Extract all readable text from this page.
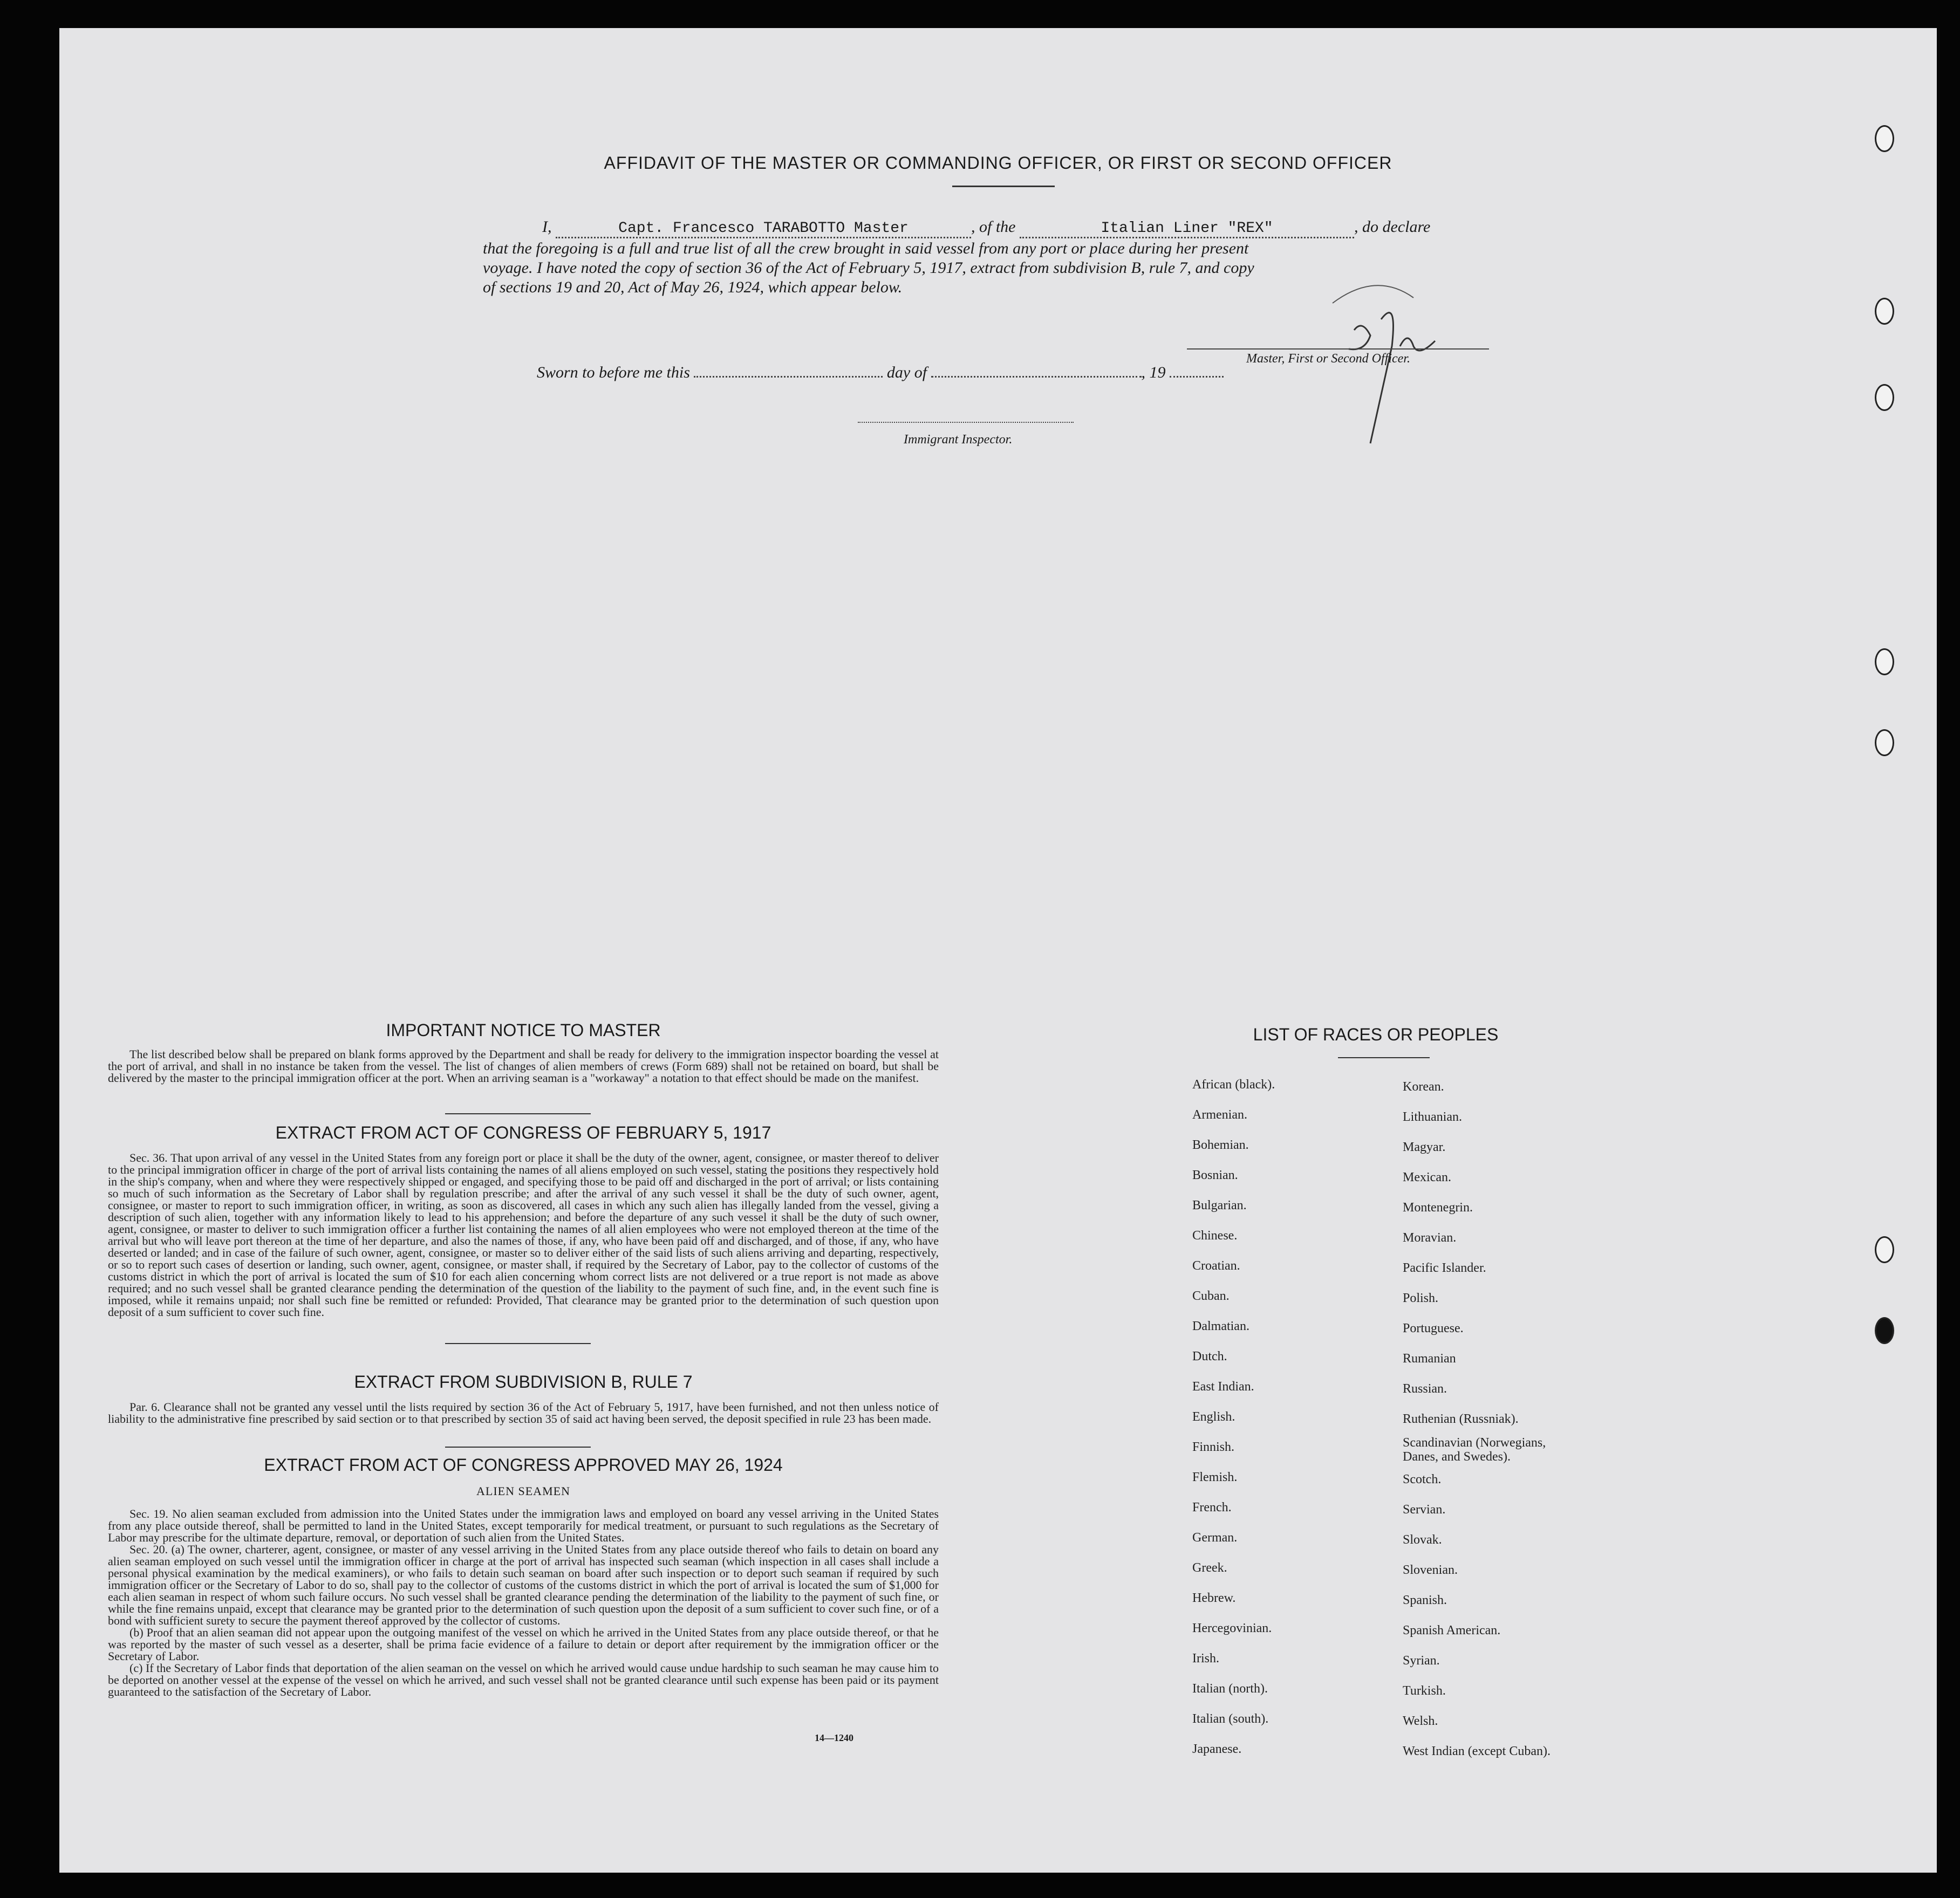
AFFIDAVIT OF THE MASTER OR COMMANDING OFFICER, OR FIRST OR SECOND OFFICER
I,	Capt. Francesco TARABOTTO Master	, of the	Italian Liner "REX"	, do declare
that the foregoing is a full and true list of all the crew brought in said vessel from any port or place during her present
voyage. I have noted the copy of section 36 of the Act of February 5, 1917, extract from subdivision B, rule 7, and copy
of sections 19 and 20, Act of May 26, 1924, which appear below.
Master, First or Second Officer.
Sworn to before me this	day of	, 19
Immigrant Inspector.
IMPORTANT NOTICE TO MASTER

The list described below shall be prepared on blank forms approved by the Department and shall be ready for delivery to the immigration inspector boarding the vessel at the port of arrival, and shall in no instance be taken from the vessel. The list of changes of alien members of crews (Form 689) shall not be retained on board, but shall be delivered by the master to the principal immigration officer at the port. When an arriving seaman is a "workaway" a notation to that effect should be made on the manifest.

EXTRACT FROM ACT OF CONGRESS OF FEBRUARY 5, 1917

Sec. 36. That upon arrival of any vessel in the United States from any foreign port or place it shall be the duty of the owner, agent, consignee, or master thereof to deliver to the principal immigration officer in charge of the port of arrival lists containing the names of all aliens employed on such vessel, stating the positions they respectively hold in the ship's company, when and where they were respectively shipped or engaged, and specifying those to be paid off and discharged in the port of arrival; or lists containing so much of such information as the Secretary of Labor shall by regulation prescribe; and after the arrival of any such vessel it shall be the duty of such owner, agent, consignee, or master to report to such immigration officer, in writing, as soon as discovered, all cases in which any such alien has illegally landed from the vessel, giving a description of such alien, together with any information likely to lead to his apprehension; and before the departure of any such vessel it shall be the duty of such owner, agent, consignee, or master to deliver to such immigration officer a further list containing the names of all alien employees who were not employed thereon at the time of the arrival but who will leave port thereon at the time of her departure, and also the names of those, if any, who have been paid off and discharged, and of those, if any, who have deserted or landed; and in case of the failure of such owner, agent, consignee, or master so to deliver either of the said lists of such aliens arriving and departing, respectively, or so to report such cases of desertion or landing, such owner, agent, consignee, or master shall, if required by the Secretary of Labor, pay to the collector of customs of the customs district in which the port of arrival is located the sum of $10 for each alien concerning whom correct lists are not delivered or a true report is not made as above required; and no such vessel shall be granted clearance pending the determination of the question of the liability to the payment of such fine, and, in the event such fine is imposed, while it remains unpaid; nor shall such fine be remitted or refunded: Provided, That clearance may be granted prior to the determination of such question upon deposit of a sum sufficient to cover such fine.

EXTRACT FROM SUBDIVISION B, RULE 7

Par. 6. Clearance shall not be granted any vessel until the lists required by section 36 of the Act of February 5, 1917, have been furnished, and not then unless notice of liability to the administrative fine prescribed by said section or to that prescribed by section 35 of said act having been served, the deposit specified in rule 23 has been made.

EXTRACT FROM ACT OF CONGRESS APPROVED MAY 26, 1924
ALIEN SEAMEN

Sec. 19. No alien seaman excluded from admission into the United States under the immigration laws and employed on board any vessel arriving in the United States from any place outside thereof, shall be permitted to land in the United States, except temporarily for medical treatment, or pursuant to such regulations as the Secretary of Labor may prescribe for the ultimate departure, removal, or deportation of such alien from the United States.

Sec. 20. (a) The owner, charterer, agent, consignee, or master of any vessel arriving in the United States from any place outside thereof who fails to detain on board any alien seaman employed on such vessel until the immigration officer in charge at the port of arrival has inspected such seaman (which inspection in all cases shall include a personal physical examination by the medical examiners), or who fails to detain such seaman on board after such inspection or to deport such seaman if required by such immigration officer or the Secretary of Labor to do so, shall pay to the collector of customs of the customs district in which the port of arrival is located the sum of $1,000 for each alien seaman in respect of whom such failure occurs. No such vessel shall be granted clearance pending the determination of the liability to the payment of such fine, or while the fine remains unpaid, except that clearance may be granted prior to the determination of such question upon the deposit of a sum sufficient to cover such fine, or of a bond with sufficient surety to secure the payment thereof approved by the collector of customs.

(b) Proof that an alien seaman did not appear upon the outgoing manifest of the vessel on which he arrived in the United States from any place outside thereof, or that he was reported by the master of such vessel as a deserter, shall be prima facie evidence of a failure to detain or deport after requirement by the immigration officer or the Secretary of Labor.

(c) If the Secretary of Labor finds that deportation of the alien seaman on the vessel on which he arrived would cause undue hardship to such seaman he may cause him to be deported on another vessel at the expense of the vessel on which he arrived, and such vessel shall not be granted clearance until such expense has been paid or its payment guaranteed to the satisfaction of the Secretary of Labor.

14—1240
LIST OF RACES OR PEOPLES
African (black).
Armenian.
Bohemian.
Bosnian.
Bulgarian.
Chinese.
Croatian.
Cuban.
Dalmatian.
Dutch.
East Indian.
English.
Finnish.
Flemish.
French.
German.
Greek.
Hebrew.
Hercegovinian.
Irish.
Italian (north).
Italian (south).
Japanese.
Korean.
Lithuanian.
Magyar.
Mexican.
Montenegrin.
Moravian.
Pacific Islander.
Polish.
Portuguese.
Rumanian
Russian.
Ruthenian (Russniak).
Scandinavian (Norwegians, Danes, and Swedes).
Scotch.
Servian.
Slovak.
Slovenian.
Spanish.
Spanish American.
Syrian.
Turkish.
Welsh.
West Indian (except Cuban).
